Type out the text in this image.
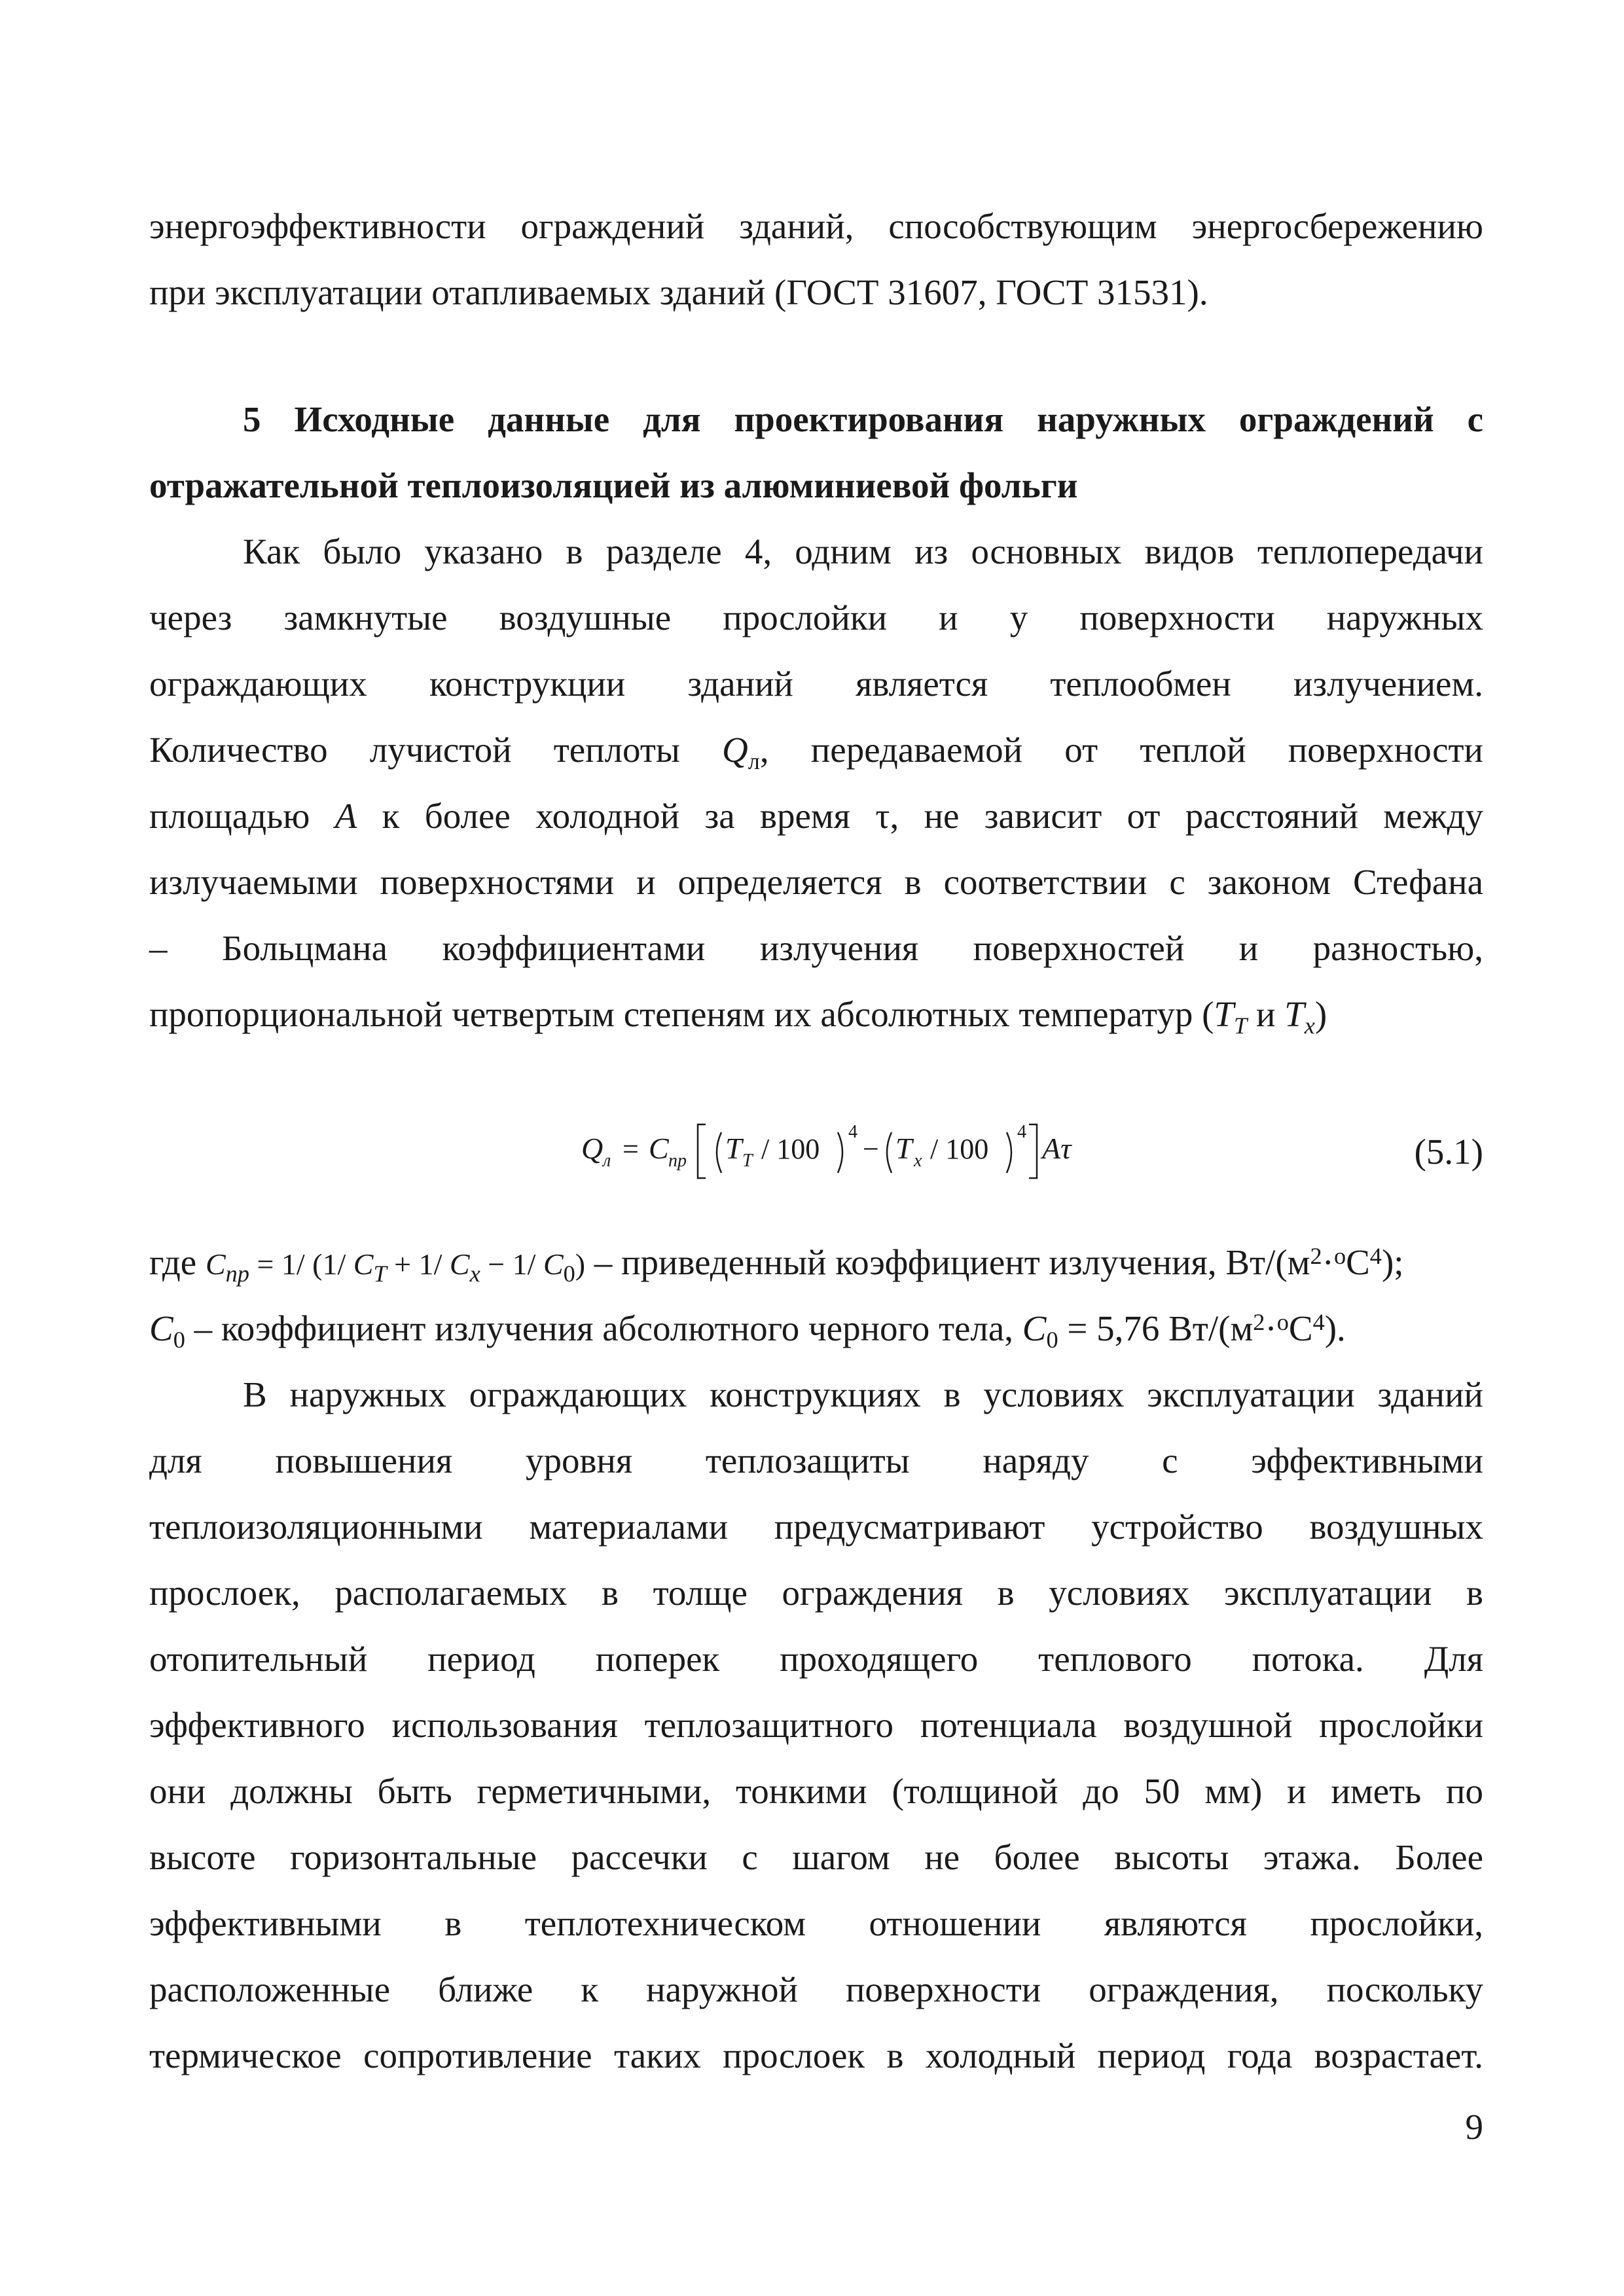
энергоэффективности ограждений зданий, способствующим энергосбережению
при эксплуатации отапливаемых зданий (ГОСТ 31607, ГОСТ 31531).
5 Исходные данные для проектирования наружных ограждений с
отражательной теплоизоляцией из алюминиевой фольги
Как было указано в разделе 4, одним из основных видов теплопередачи
через замкнутые воздушные прослойки и у поверхности наружных
ограждающих конструкции зданий является теплообмен излучением.
Количество лучистой теплоты $Q_л$, передаваемой от теплой поверхности
площадью A к более холодной за время τ, не зависит от расстояний между
излучаемыми поверхностями и определяется в соответствии с законом Стефана
– Больцмана коэффициентами излучения поверхностей и разностью,
пропорциональной четвертым степеням их абсолютных температур ($T_T$ и $T_x$)
Q л = C пр T T / 100
4
− T x / 100
4 Aτ	(5.1)
где $C_{пр} = 1/$ (1/ $C_T + 1/$ $C_x - 1/$ $C_0$) – приведенный коэффициент излучения, $Вт/(м^2\cdot^оС^4)$;
$C_0$ – коэффициент излучения абсолютного черного тела, $C_0 = 5,76$ $Вт/(м^2\cdot^оС^4)$.
В наружных ограждающих конструкциях в условиях эксплуатации зданий
для повышения уровня теплозащиты наряду с эффективными
теплоизоляционными материалами предусматривают устройство воздушных
прослоек, располагаемых в толще ограждения в условиях эксплуатации в
отопительный период поперек проходящего теплового потока. Для
эффективного использования теплозащитного потенциала воздушной прослойки
они должны быть герметичными, тонкими (толщиной до 50 мм) и иметь по
высоте горизонтальные рассечки с шагом не более высоты этажа. Более
эффективными в теплотехническом отношении являются прослойки,
расположенные ближе к наружной поверхности ограждения, поскольку
термическое сопротивление таких прослоек в холодный период года возрастает.
9
